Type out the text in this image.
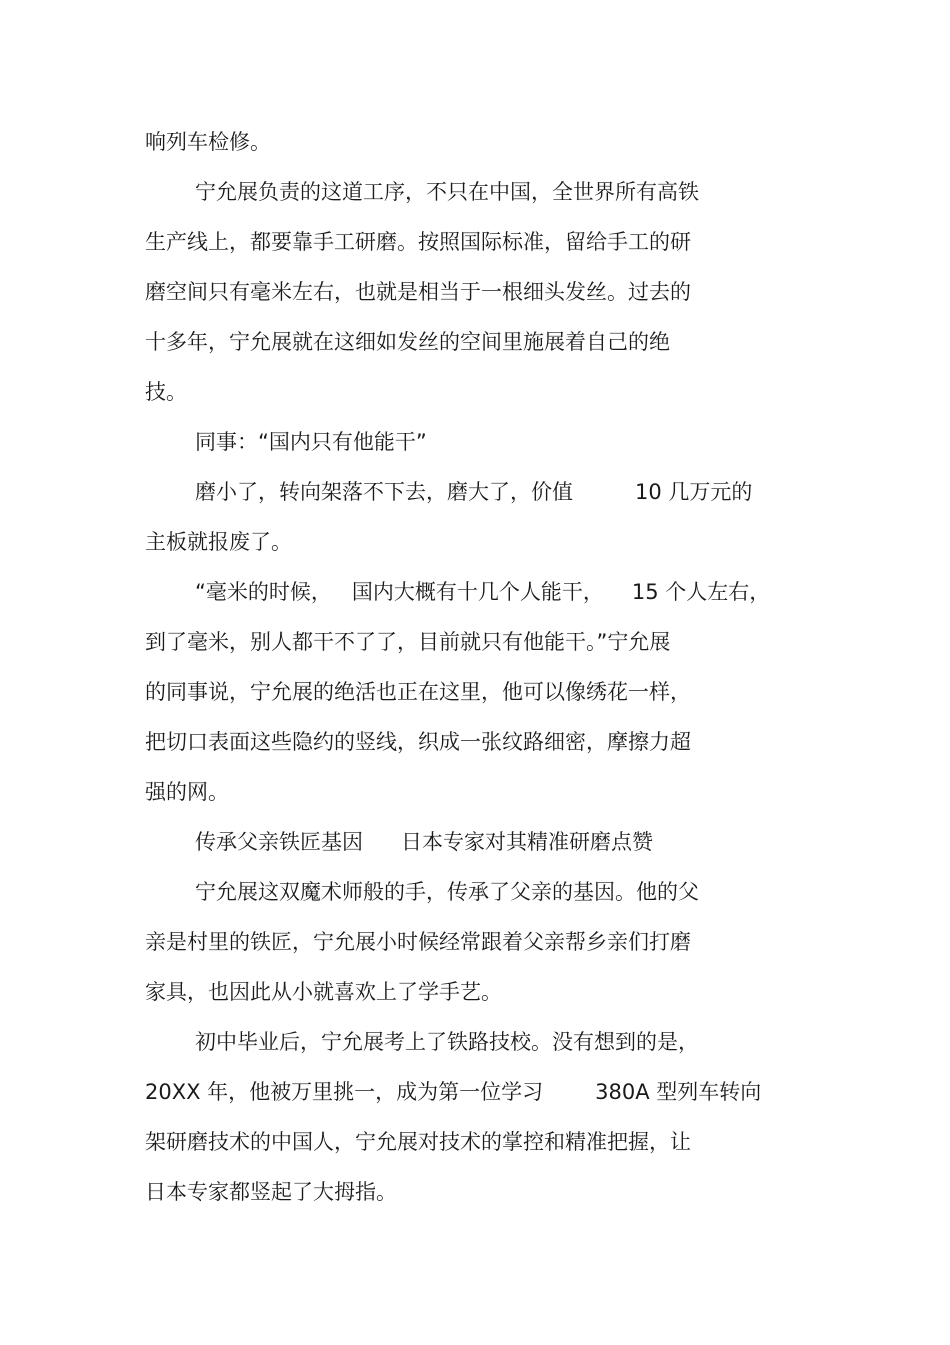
响列车检修。

宁允展负责的这道工序，不只在中国，全世界所有高铁

生产线上，都要靠手工研磨。按照国际标准，留给手工的研

磨空间只有毫米左右，也就是相当于一根细头发丝。过去的

十多年，宁允展就在这细如发丝的空间里施展着自己的绝

技。

同事：“国内只有他能干”

磨小了，转向架落不下去，磨大了，价值	10 几万元的

主板就报废了。

“毫米的时候， 国内大概有十几个人能干， 15 个人左右，

到了毫米，别人都干不了了，目前就只有他能干。”宁允展

的同事说，宁允展的绝活也正在这里，他可以像绣花一样，

把切口表面这些隐约的竖线，织成一张纹路细密，摩擦力超

强的网。

传承父亲铁匠基因 日本专家对其精准研磨点赞

宁允展这双魔术师般的手，传承了父亲的基因。他的父

亲是村里的铁匠，宁允展小时候经常跟着父亲帮乡亲们打磨

家具，也因此从小就喜欢上了学手艺。

初中毕业后，宁允展考上了铁路技校。没有想到的是，

20XX 年，他被万里挑一，成为第一位学习 380A 型列车转向

架研磨技术的中国人，宁允展对技术的掌控和精准把握，让

日本专家都竖起了大拇指。
